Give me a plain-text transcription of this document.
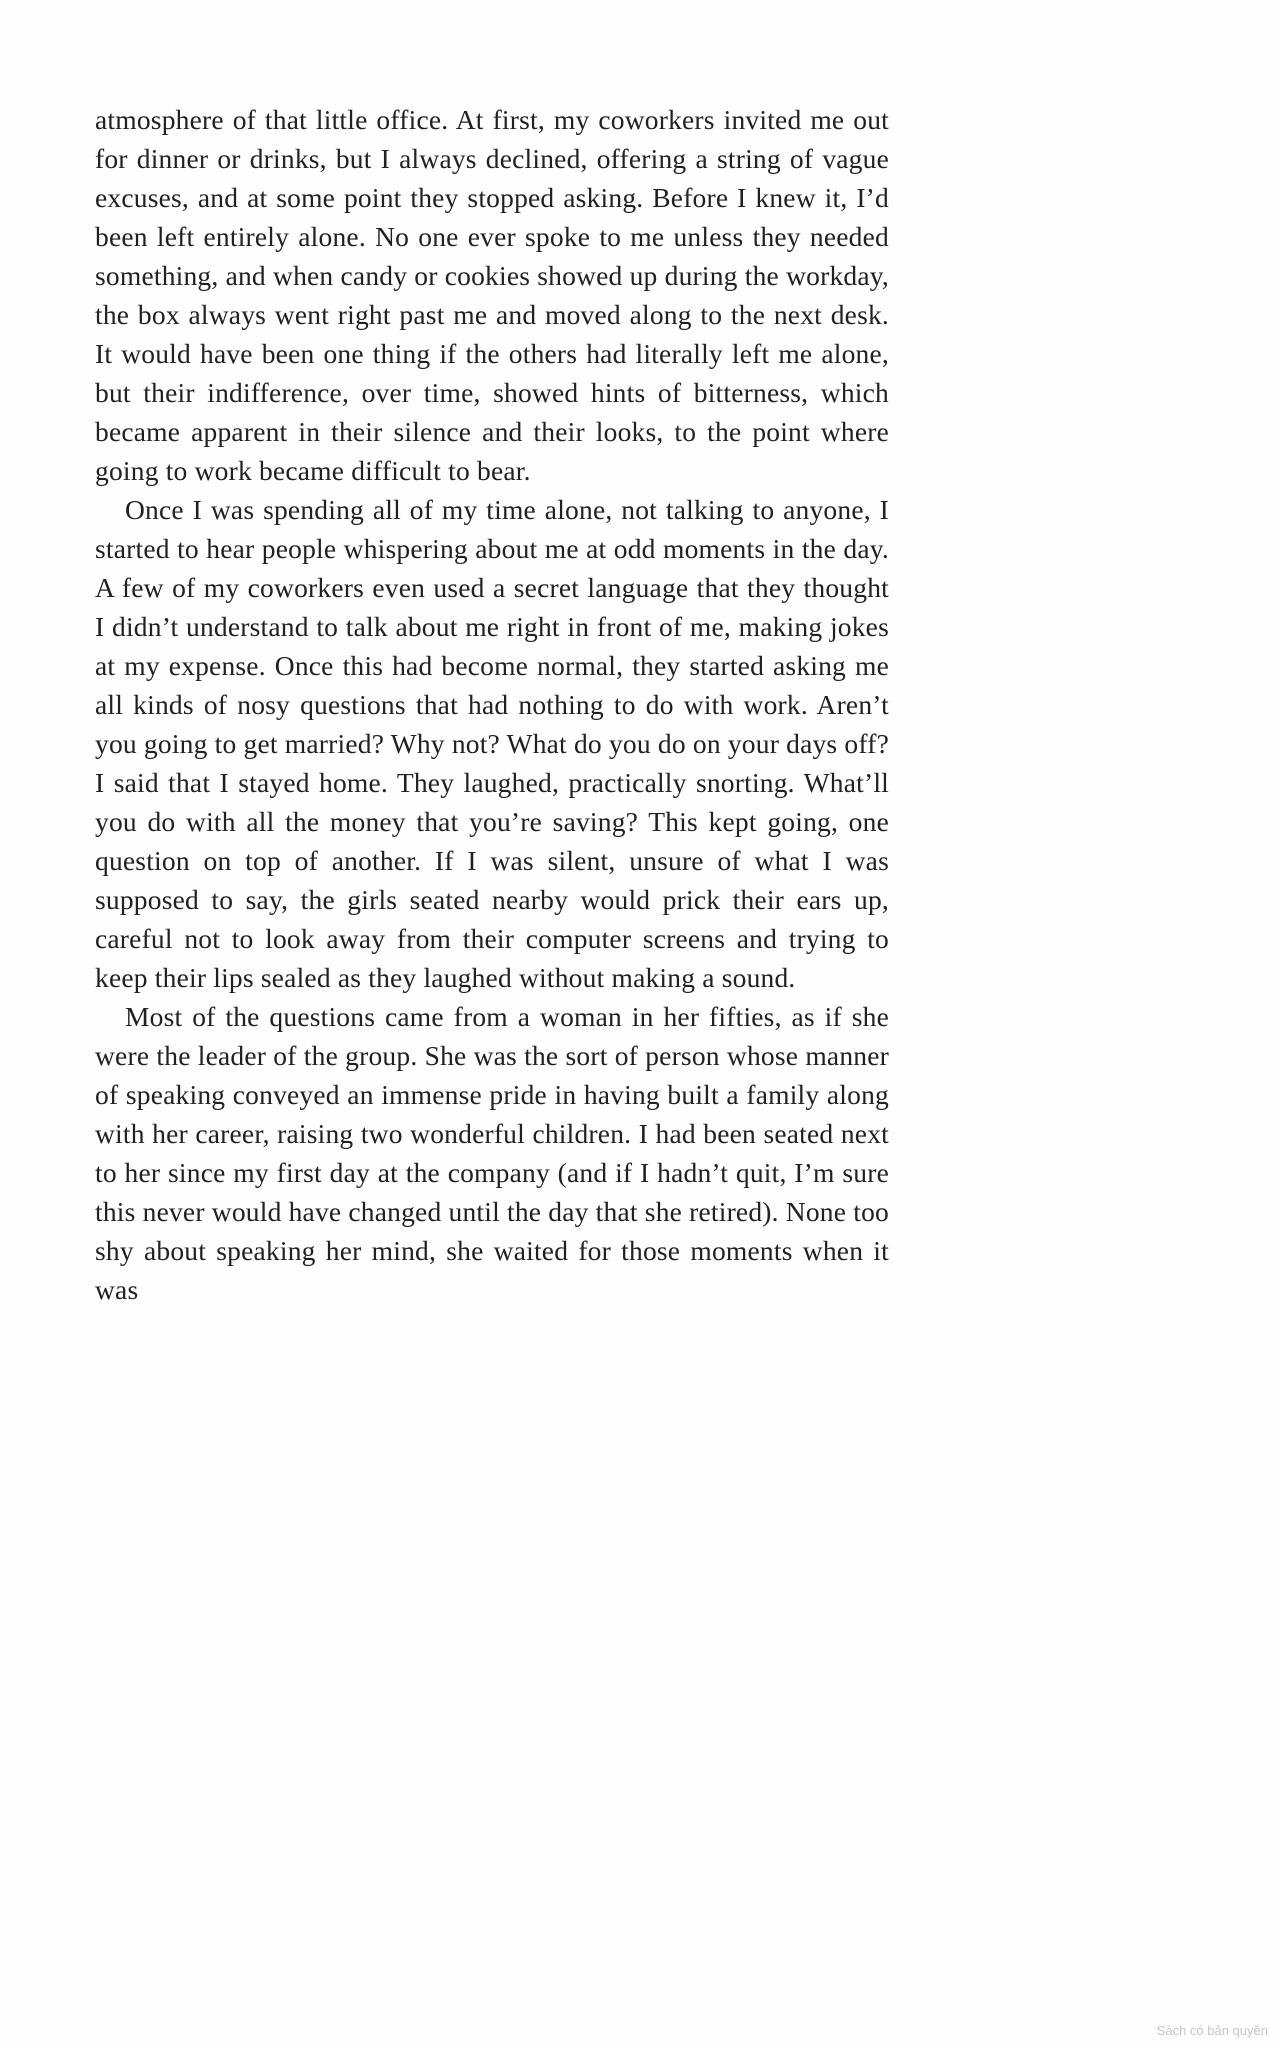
atmosphere of that little office. At first, my coworkers invited me out for dinner or drinks, but I always declined, offering a string of vague excuses, and at some point they stopped asking. Before I knew it, I’d been left entirely alone. No one ever spoke to me unless they needed something, and when candy or cookies showed up during the workday, the box always went right past me and moved along to the next desk. It would have been one thing if the others had literally left me alone, but their indifference, over time, showed hints of bitterness, which became apparent in their silence and their looks, to the point where going to work became difficult to bear.

Once I was spending all of my time alone, not talking to anyone, I started to hear people whispering about me at odd moments in the day. A few of my coworkers even used a secret language that they thought I didn’t understand to talk about me right in front of me, making jokes at my expense. Once this had become normal, they started asking me all kinds of nosy questions that had nothing to do with work. Aren’t you going to get married? Why not? What do you do on your days off? I said that I stayed home. They laughed, practically snorting. What’ll you do with all the money that you’re saving? This kept going, one question on top of another. If I was silent, unsure of what I was supposed to say, the girls seated nearby would prick their ears up, careful not to look away from their computer screens and trying to keep their lips sealed as they laughed without making a sound.

Most of the questions came from a woman in her fifties, as if she were the leader of the group. She was the sort of person whose manner of speaking conveyed an immense pride in having built a family along with her career, raising two wonderful children. I had been seated next to her since my first day at the company (and if I hadn’t quit, I’m sure this never would have changed until the day that she retired). None too shy about speaking her mind, she waited for those moments when it was

Sách có bản quyền
